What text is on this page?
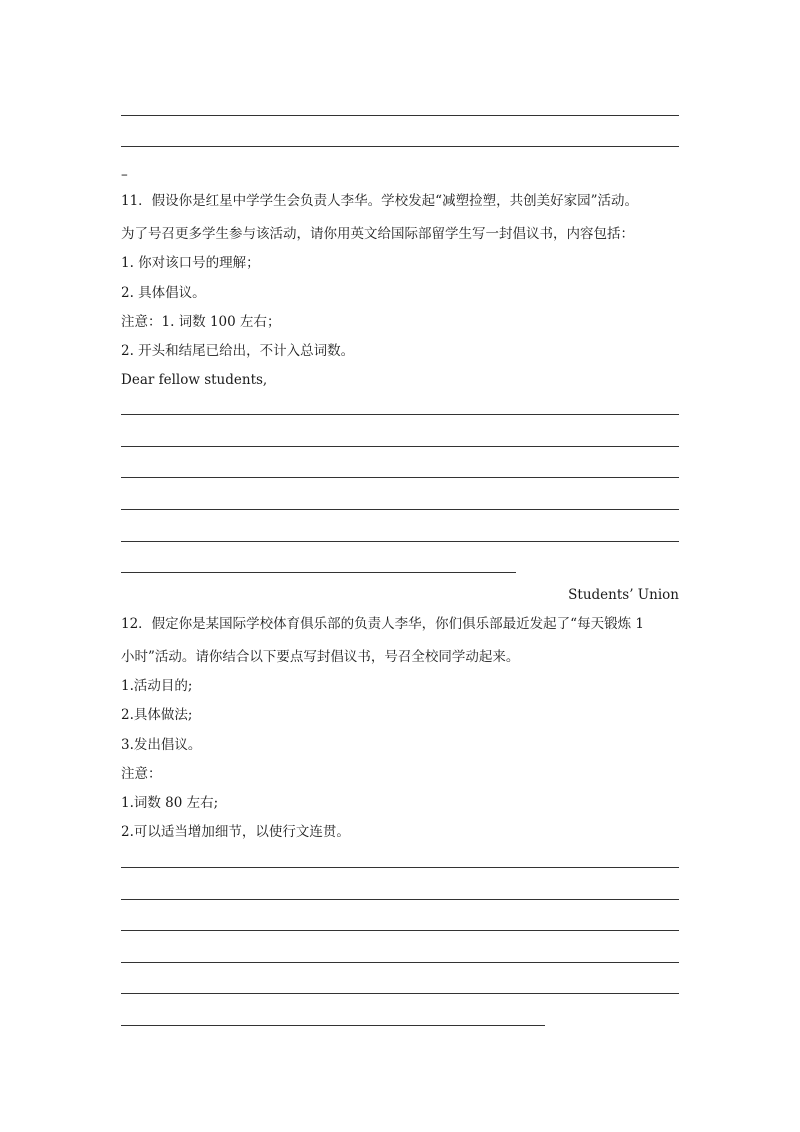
–
11．假设你是红星中学学生会负责人李华。学校发起“减塑捡塑，共创美好家园”活动。
为了号召更多学生参与该活动，请你用英文给国际部留学生写一封倡议书，内容包括：
1. 你对该口号的理解；
2. 具体倡议。
注意：1. 词数 100 左右；
2. 开头和结尾已给出，不计入总词数。
Dear fellow students,
Students’ Union
12．假定你是某国际学校体育俱乐部的负责人李华，你们俱乐部最近发起了“每天锻炼 1
小时”活动。请你结合以下要点写封倡议书，号召全校同学动起来。
1.活动目的;
2.具体做法;
3.发出倡议。
注意：
1.词数 80 左右;
2.可以适当增加细节，以使行文连贯。
